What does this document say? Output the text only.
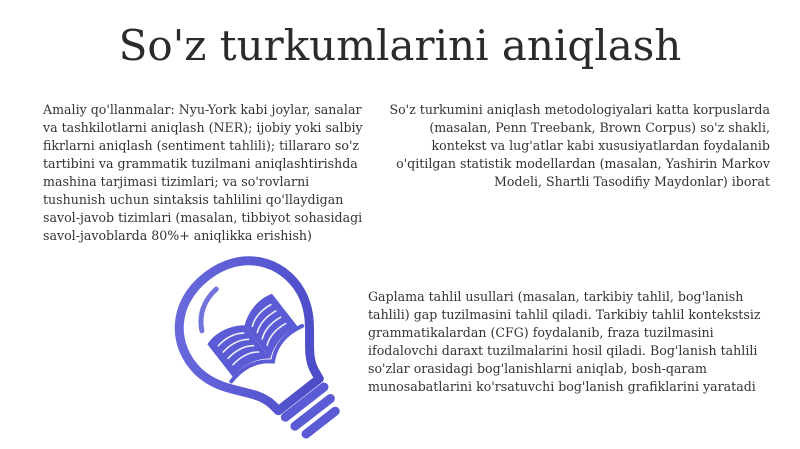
So'z turkumlarini aniqlash

Amaliy qo'llanmalar: Nyu-York kabi joylar, sanalar va tashkilotlarni aniqlash (NER); ijobiy yoki salbiy fikrlarni aniqlash (sentiment tahlili); tillararo so'z tartibini va grammatik tuzilmani aniqlashtirishda mashina tarjimasi tizimlari; va so'rovlarni tushunish uchun sintaksis tahlilini qo'llaydigan savol-javob tizimlari (masalan, tibbiyot sohasidagi savol-javoblarda 80%+ aniqlikka erishish)

So'z turkumini aniqlash metodologiyalari katta korpuslarda (masalan, Penn Treebank, Brown Corpus) so'z shakli, kontekst va lug'atlar kabi xususiyatlardan foydalanib o'qitilgan statistik modellardan (masalan, Yashirin Markov Modeli, Shartli Tasodifiy Maydonlar) iborat

Gaplama tahlil usullari (masalan, tarkibiy tahlil, bog'lanish tahlili) gap tuzilmasini tahlil qiladi. Tarkibiy tahlil kontekstsiz grammatikalardan (CFG) foydalanib, fraza tuzilmasini ifodalovchi daraxt tuzilmalarini hosil qiladi. Bog'lanish tahlili so'zlar orasidagi bog'lanishlarni aniqlab, bosh-qaram munosabatlarini ko'rsatuvchi bog'lanish grafiklarini yaratadi
